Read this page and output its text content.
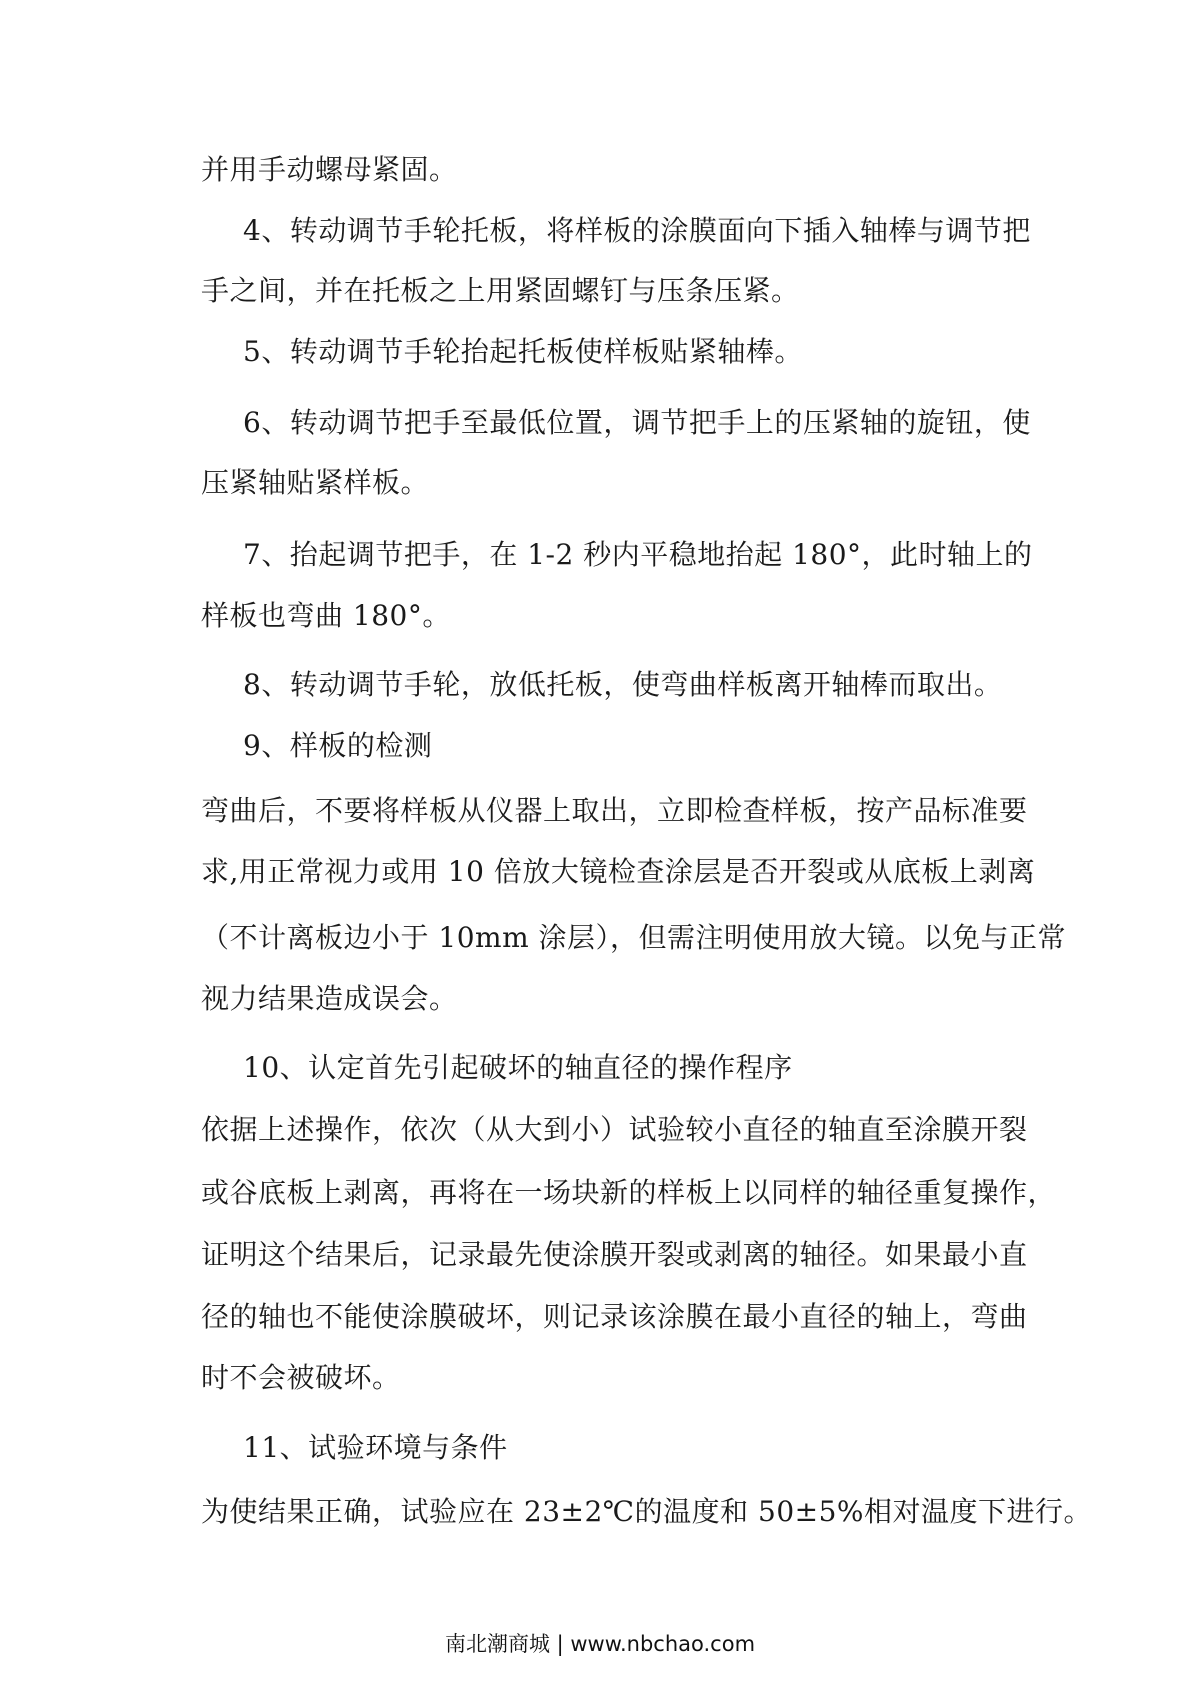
并用手动螺母紧固。
4、转动调节手轮托板，将样板的涂膜面向下插入轴棒与调节把
手之间，并在托板之上用紧固螺钉与压条压紧。
5、转动调节手轮抬起托板使样板贴紧轴棒。
6、转动调节把手至最低位置，调节把手上的压紧轴的旋钮，使
压紧轴贴紧样板。
7、抬起调节把手，在 1-2 秒内平稳地抬起 180°，此时轴上的
样板也弯曲 180°。
8、转动调节手轮，放低托板，使弯曲样板离开轴棒而取出。
9、样板的检测
弯曲后，不要将样板从仪器上取出，立即检查样板，按产品标准要
求,用正常视力或用 10 倍放大镜检查涂层是否开裂或从底板上剥离
（不计离板边小于 10mm 涂层），但需注明使用放大镜。以免与正常
视力结果造成误会。
10、认定首先引起破坏的轴直径的操作程序
依据上述操作，依次（从大到小）试验较小直径的轴直至涂膜开裂
或谷底板上剥离，再将在一场块新的样板上以同样的轴径重复操作，
证明这个结果后，记录最先使涂膜开裂或剥离的轴径。如果最小直
径的轴也不能使涂膜破坏，则记录该涂膜在最小直径的轴上，弯曲
时不会被破坏。
11、试验环境与条件
为使结果正确，试验应在 23±2℃的温度和 50±5%相对温度下进行。
南北潮商城 | www.nbchao.com
